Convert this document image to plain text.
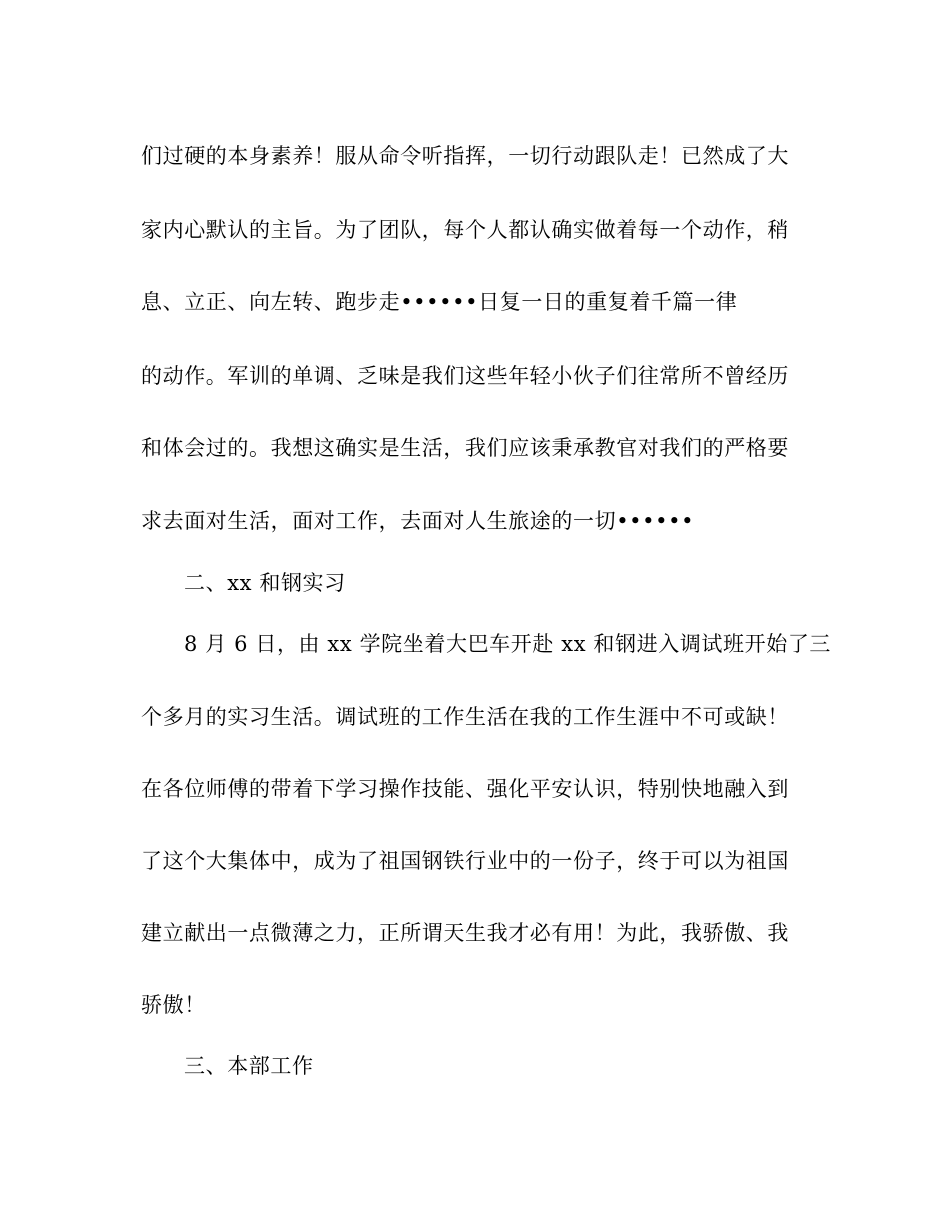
们过硬的本身素养！服从命令听指挥，一切行动跟队走！已然成了大
家内心默认的主旨。为了团队，每个人都认确实做着每一个动作，稍
息、立正、向左转、跑步走••••••日复一日的重复着千篇一律
的动作。军训的单调、乏味是我们这些年轻小伙子们往常所不曾经历
和体会过的。我想这确实是生活，我们应该秉承教官对我们的严格要
求去面对生活，面对工作，去面对人生旅途的一切••••••
二、xx 和钢实习
8 月 6 日，由 xx 学院坐着大巴车开赴 xx 和钢进入调试班开始了三
个多月的实习生活。调试班的工作生活在我的工作生涯中不可或缺！
在各位师傅的带着下学习操作技能、强化平安认识，特别快地融入到
了这个大集体中，成为了祖国钢铁行业中的一份子，终于可以为祖国
建立献出一点微薄之力，正所谓天生我才必有用！为此，我骄傲、我
骄傲！
三、本部工作
